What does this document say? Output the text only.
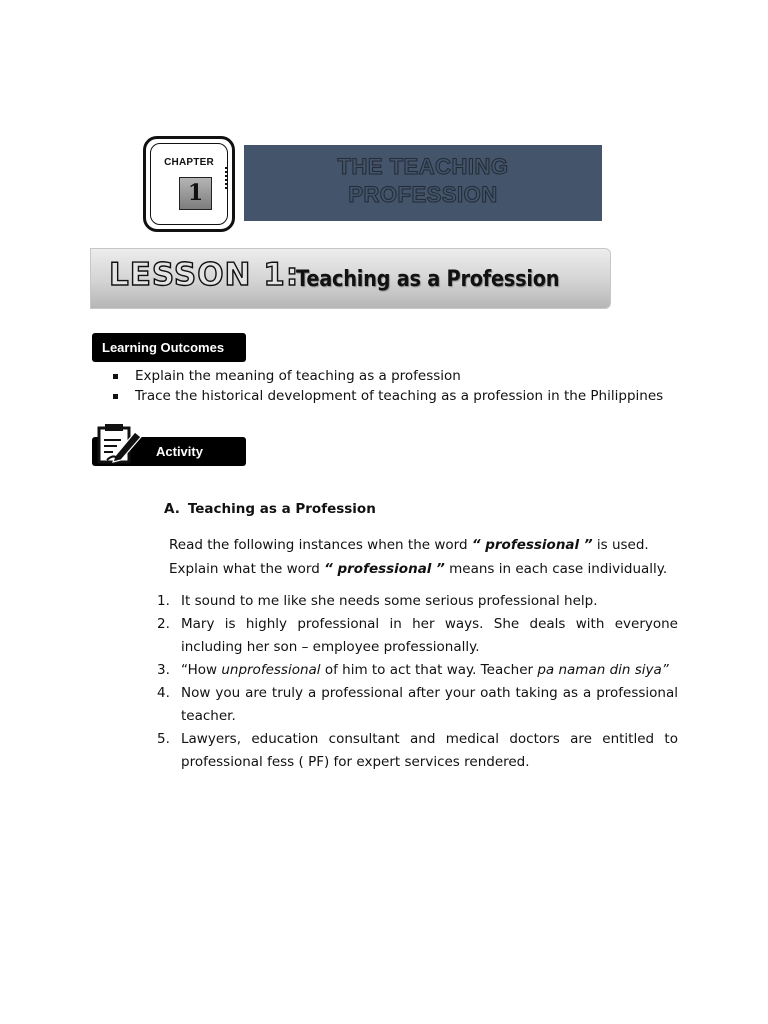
CHAPTER
1
THE TEACHING
PROFESSION
LESSON 1:
Teaching as a Profession
Learning Outcomes
Explain the meaning of teaching as a profession
Trace the historical development of teaching as a profession in the Philippines
Activity
A. Teaching as a Profession
Read the following instances when the word “ professional ” is used. Explain what the word “ professional ” means in each case individually.
1. It sound to me like she needs some serious professional help.
2. Mary is highly professional in her ways. She deals with everyone including her son – employee professionally.
3. “How unprofessional of him to act that way. Teacher pa naman din siya”
4. Now you are truly a professional after your oath taking as a professional teacher.
5. Lawyers, education consultant and medical doctors are entitled to professional fess ( PF) for expert services rendered.
